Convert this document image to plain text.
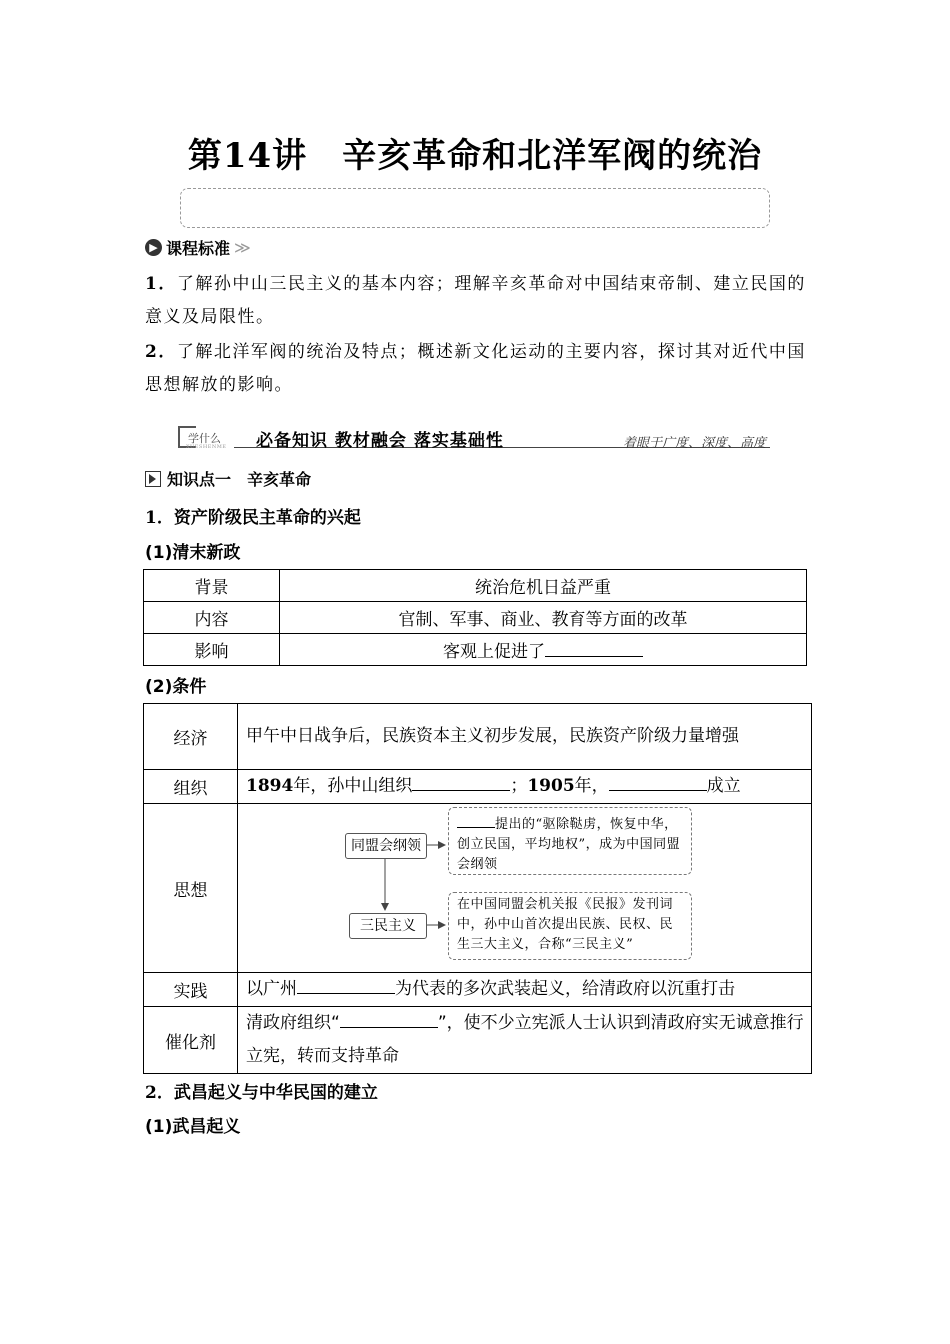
第14讲　辛亥革命和北洋军阀的统治
▶ 课程标准 ≫
1．了解孙中山三民主义的基本内容；理解辛亥革命对中国结束帝制、建立民国的意义及局限性。
2．了解北洋军阀的统治及特点；概述新文化运动的主要内容，探讨其对近代中国思想解放的影响。
学什么
XUESHENME 必备知识 教材融会 落实基础性	着眼于广度、深度、高度
知识点一　辛亥革命
1．资产阶级民主革命的兴起
(1)清末新政
背景	统治危机日益严重
内容	官制、军事、商业、教育等方面的改革
影响	客观上促进了
(2)条件
经济	甲午中日战争后，民族资本主义初步发展，民族资产阶级力量增强
组织	1894年，孙中山组织 ；1905年， 成立
思想	同盟会纲领
三民主义
提出的“驱除鞑虏，恢复中华，创立民国，平均地权”，成为中国同盟会纲领
在中国同盟会机关报《民报》发刊词中，孙中山首次提出民族、民权、民生三大主义，合称“三民主义”

实践	以广州 为代表的多次武装起义，给清政府以沉重打击
催化剂	清政府组织“ ”，使不少立宪派人士认识到清政府实无诚意推行立宪，转而支持革命
2．武昌起义与中华民国的建立
(1)武昌起义
